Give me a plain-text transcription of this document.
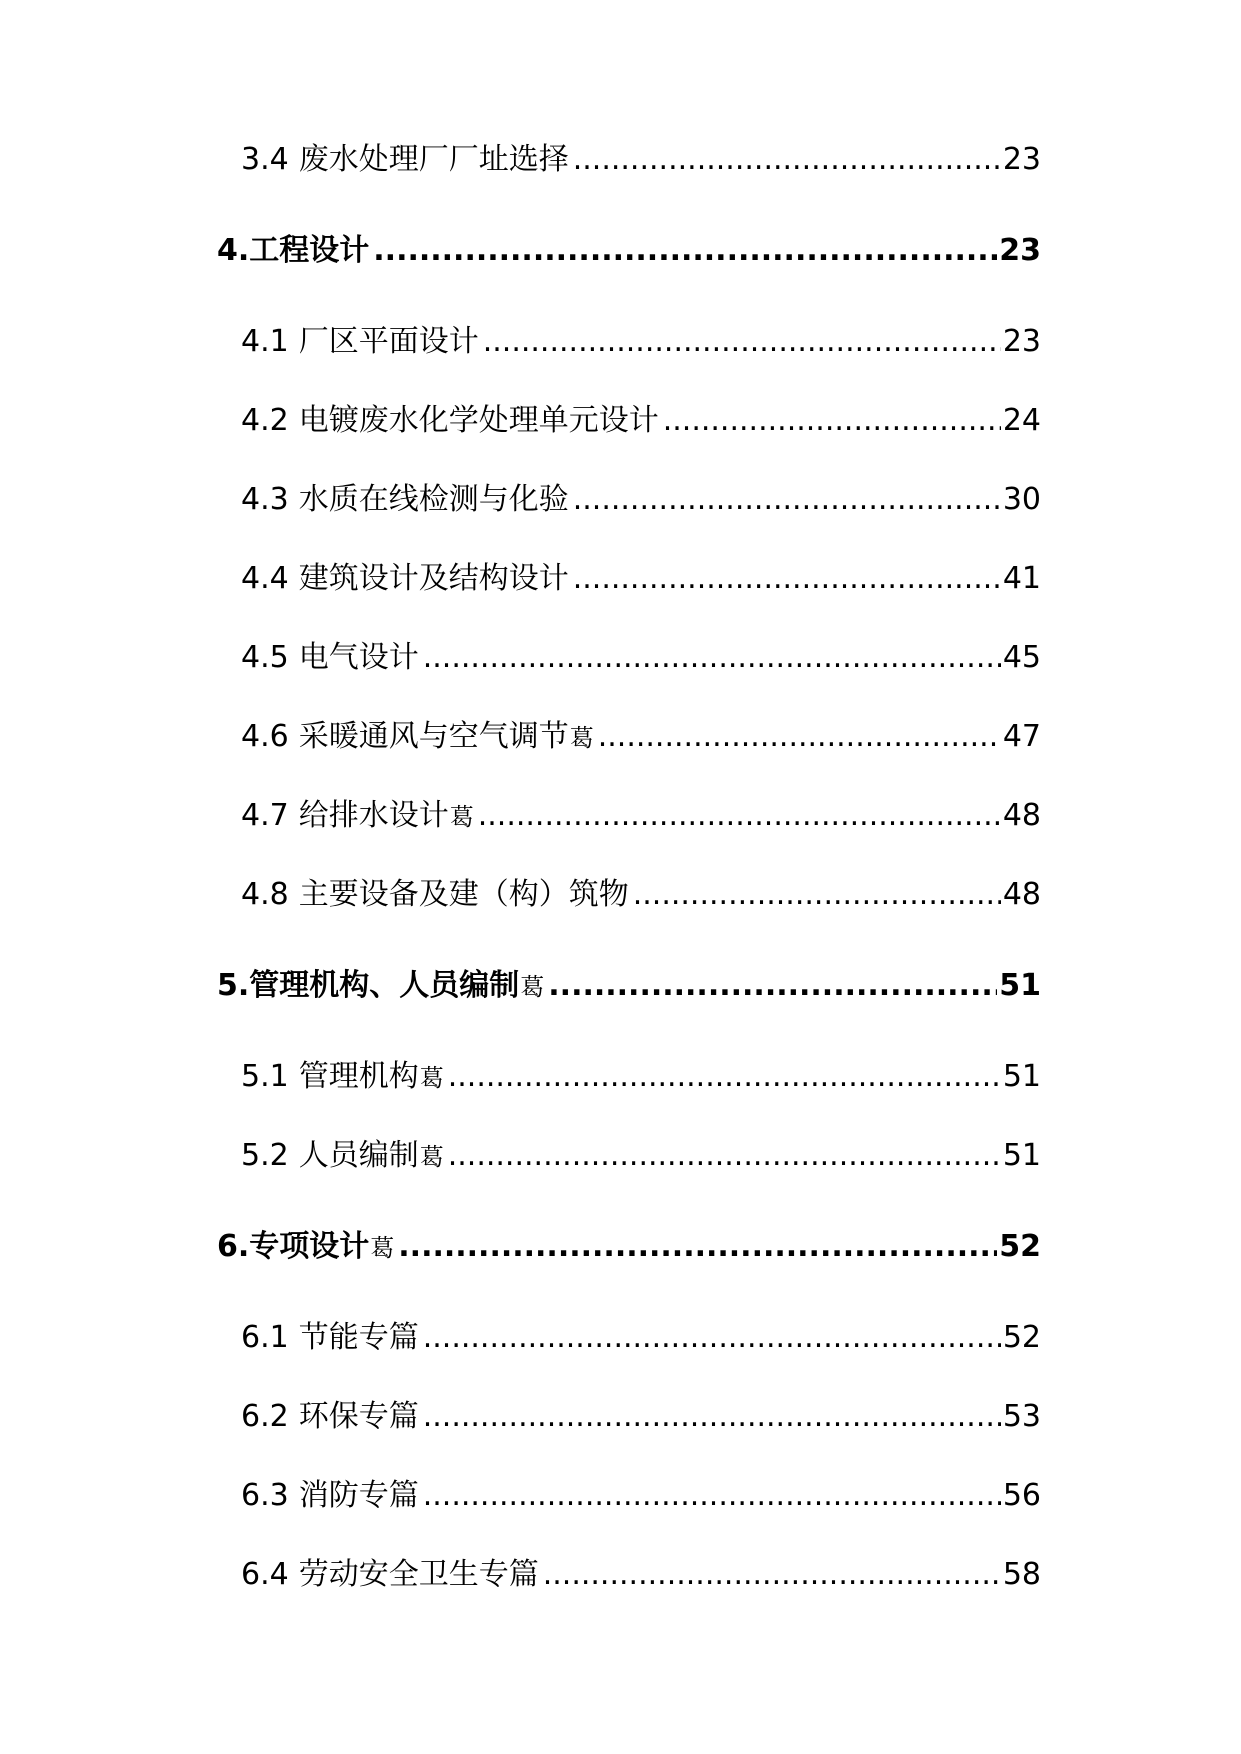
3.4 废水处理厂厂址选择 .....	23
4. 工程设计 .....	23
4.1 厂区平面设计 .....	23
4.2 电镀废水化学处理单元设计 .....	24
4.3 水质在线检测与化验 .....	30
4.4 建筑设计及结构设计 .....	41
4.5 电气设计 .....	45
4.6 采暖通风与空气调节 葛 .....	47
4.7 给排水设计 葛 .....	48
4.8 主要设备及建（构）筑物 .....	48
5. 管理机构、人员编制 葛 .....	51
5.1 管理机构 葛 .....	51
5.2 人员编制 葛 .....	51
6. 专项设计 葛 .....	52
6.1 节能专篇 .....	52
6.2 环保专篇 .....	53
6.3 消防专篇 .....	56
6.4 劳动安全卫生专篇 .....	58
